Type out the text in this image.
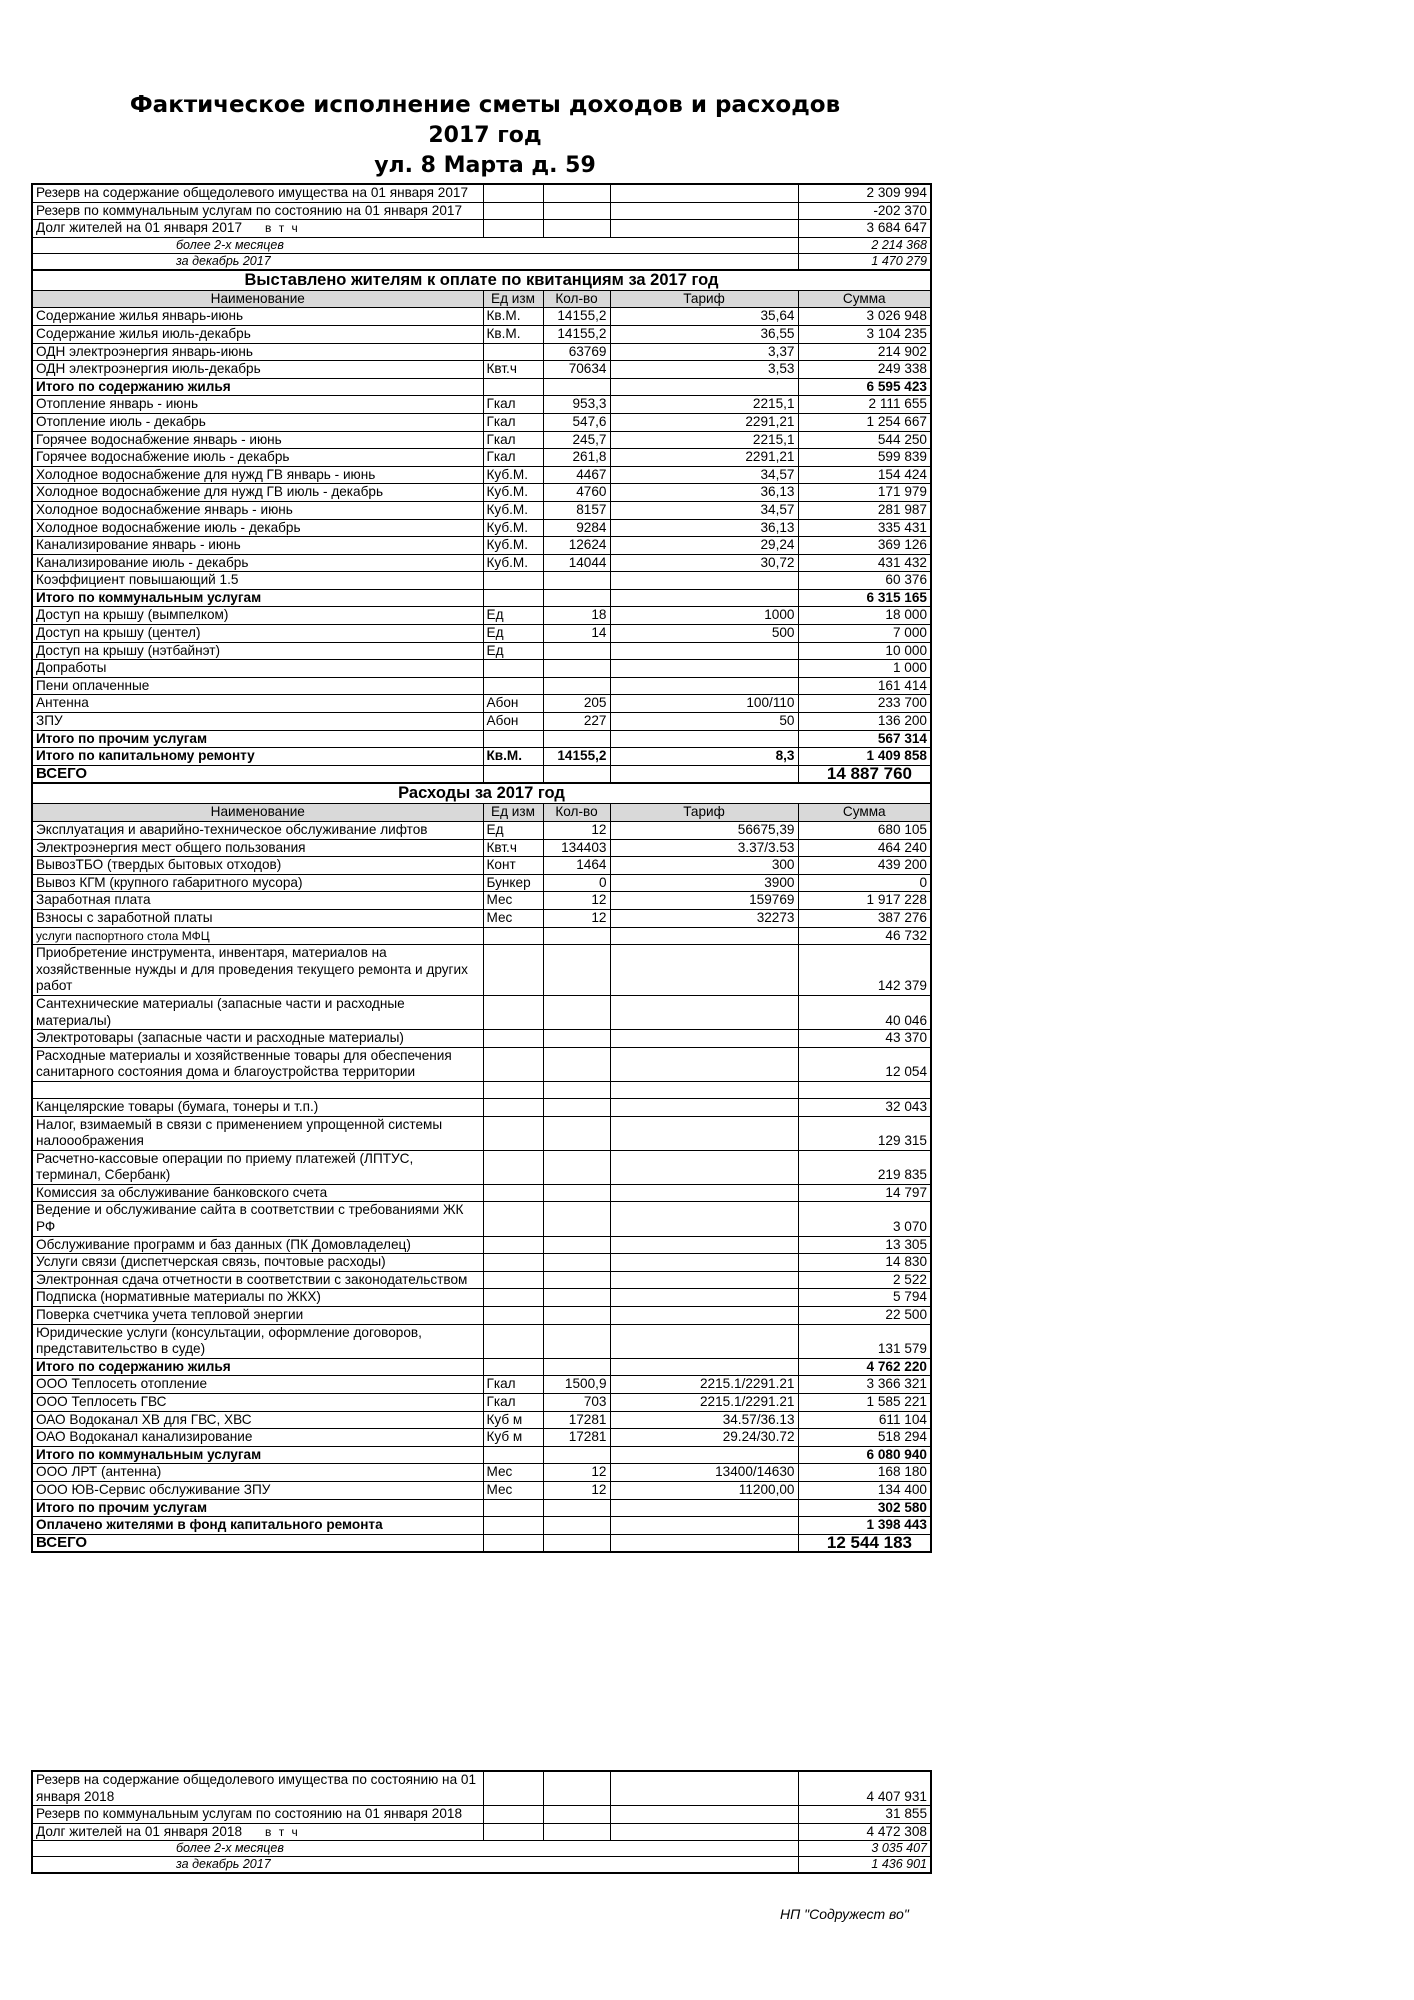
Фактическое исполнение сметы доходов и расходов
2017 год
ул. 8 Марта д. 59
Резерв на содержание общедолевого имущества на 01 января 2017				2 309 994
Резерв по коммунальным услугам по состоянию на 01 января 2017				-202 370
Долг жителей на 01 января 2017 в т ч				3 684 647
более 2-х месяцев				2 214 368
за декабрь 2017				1 470 279
Выставлено жителям к оплате по квитанциям за 2017 год				
Наименование	Ед изм	Кол-во	Тариф	Сумма
Содержание жилья январь-июнь	Кв.М.	14155,2	35,64	3 026 948
Содержание жилья июль-декабрь	Кв.М.	14155,2	36,55	3 104 235
ОДН электроэнергия январь-июнь		63769	3,37	214 902
ОДН электроэнергия июль-декабрь	Квт.ч	70634	3,53	249 338
Итого по содержанию жилья				6 595 423
Отопление январь - июнь	Гкал	953,3	2215,1	2 111 655
Отопление июль - декабрь	Гкал	547,6	2291,21	1 254 667
Горячее водоснабжение январь - июнь	Гкал	245,7	2215,1	544 250
Горячее водоснабжение июль - декабрь	Гкал	261,8	2291,21	599 839
Холодное водоснабжение для нужд ГВ январь - июнь	Куб.М.	4467	34,57	154 424
Холодное водоснабжение для нужд ГВ июль - декабрь	Куб.М.	4760	36,13	171 979
Холодное водоснабжение январь - июнь	Куб.М.	8157	34,57	281 987
Холодное водоснабжение июль - декабрь	Куб.М.	9284	36,13	335 431
Канализирование январь - июнь	Куб.М.	12624	29,24	369 126
Канализирование июль - декабрь	Куб.М.	14044	30,72	431 432
Коэффициент повышающий 1.5				60 376
Итого по коммунальным услугам				6 315 165
Доступ на крышу (вымпелком)	Ед	18	1000	18 000
Доступ на крышу (центел)	Ед	14	500	7 000
Доступ на крышу (нэтбайнэт)	Ед			10 000
Допработы				1 000
Пени оплаченные				161 414
Антенна	Абон	205	100/110	233 700
ЗПУ	Абон	227	50	136 200
Итого по прочим услугам				567 314
Итого по капитальному ремонту	Кв.М.	14155,2	8,3	1 409 858
ВСЕГО				14 887 760
Расходы за 2017 год				
Наименование	Ед изм	Кол-во	Тариф	Сумма
Эксплуатация и аварийно-техническое обслуживание лифтов	Ед	12	56675,39	680 105
Электроэнергия мест общего пользования	Квт.ч	134403	3.37/3.53	464 240
ВывозТБО (твердых бытовых отходов)	Конт	1464	300	439 200
Вывоз КГМ (крупного габаритного мусора)	Бункер	0	3900	0
Заработная плата	Мес	12	159769	1 917 228
Взносы с заработной платы	Мес	12	32273	387 276
услуги паспортного стола МФЦ				46 732
Приобретение инструмента, инвентаря, материалов на хозяйственные нужды и для проведения текущего ремонта и других работ				142 379
Сантехнические материалы (запасные части и расходные материалы)				40 046
Электротовары (запасные части и расходные материалы)				43 370
Расходные материалы и хозяйственные товары для обеспечения санитарного состояния дома и благоустройства территории				12 054

Канцелярские товары (бумага, тонеры и т.п.)				32 043
Налог, взимаемый в связи с применением упрощенной системы налооображения				129 315
Расчетно-кассовые операции по приему платежей (ЛПТУС, терминал, Сбербанк)				219 835
Комиссия за обслуживание банковского счета				14 797
Ведение и обслуживание сайта в соответствии с требованиями ЖК РФ				3 070
Обслуживание программ и баз данных (ПК Домовладелец)				13 305
Услуги связи (диспетчерская связь, почтовые расходы)				14 830
Электронная сдача отчетности в соответствии с законодательством				2 522
Подписка (нормативные материалы по ЖКХ)				5 794
Поверка счетчика учета тепловой энергии				22 500
Юридические услуги (консультации, оформление договоров, представительство в суде)				131 579
Итого по содержанию жилья				4 762 220
ООО Теплосеть отопление	Гкал	1500,9	2215.1/2291.21	3 366 321
ООО Теплосеть ГВС	Гкал	703	2215.1/2291.21	1 585 221
ОАО Водоканал ХВ для ГВС, ХВС	Куб м	17281	34.57/36.13	611 104
ОАО Водоканал канализирование	Куб м	17281	29.24/30.72	518 294
Итого по коммунальным услугам				6 080 940
ООО ЛРТ (антенна)	Мес	12	13400/14630	168 180
ООО ЮВ-Сервис обслуживание ЗПУ	Мес	12	11200,00	134 400
Итого по прочим услугам				302 580
Оплачено жителями в фонд капитального ремонта				1 398 443
ВСЕГО				12 544 183
Резерв на содержание общедолевого имущества по состоянию на 01 января 2018				4 407 931
Резерв по коммунальным услугам по состоянию на 01 января 2018				31 855
Долг жителей на 01 января 2018 в т ч				4 472 308
более 2-х месяцев				3 035 407
за декабрь 2017				1 436 901
НП "Содружест во"
